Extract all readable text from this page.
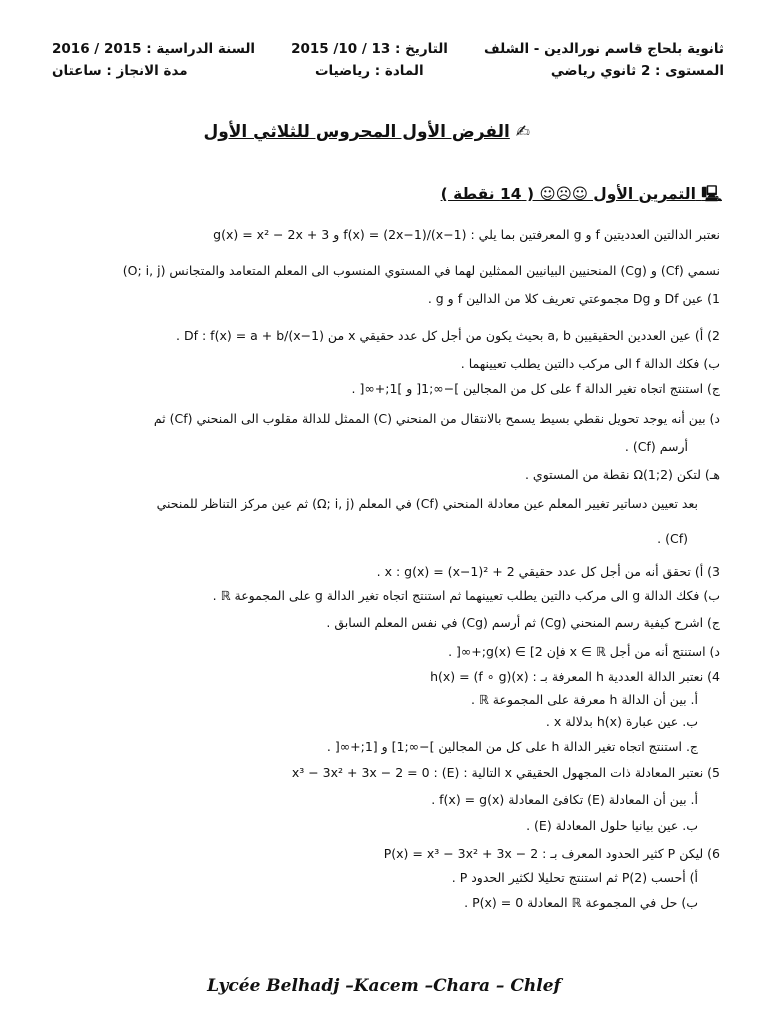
ثانوية بلحاج قاسم نورالدين - الشلف
التاريخ : 13 / 10/ 2015
السنة الدراسية : 2015 / 2016
المستوى : 2 ثانوي رياضي
المادة : رياضيات
مدة الانجاز : ساعتان
✍ الفرض الأول المحروس للثلاثي الأول
🖳 التمرين الأول ☺☹☺ ( 14 نقطة )
نعتبر الدالتين العدديتين f و g المعرفتين بما يلي : f(x) = (2x−1)/(x−1) و g(x) = x² − 2x + 3
نسمي (Cf) و (Cg) المنحنيين البيانيين الممثلين لهما في المستوي المنسوب الى المعلم المتعامد والمتجانس (O; i, j)
1) عين Df و Dg مجموعتي تعريف كلا من الدالين f و g .
2) أ) عين العددين الحقيقيين a, b بحيث يكون من أجل كل عدد حقيقي x من Df : f(x) = a + b/(x−1) .
ب) فكك الدالة f الى مركب دالتين يطلب تعيينهما .
ج) استنتج اتجاه تغير الدالة f على كل من المجالين ]−∞;1[ و ]1;+∞[ .
د) بين أنه يوجد تحويل نقطي بسيط يسمح بالانتقال من المنحني (C) الممثل للدالة مقلوب الى المنحني (Cf) ثم
أرسم (Cf) .
هـ) لتكن Ω(1;2) نقطة من المستوي .
بعد تعيين دساتير تغيير المعلم عين معادلة المنحني (Cf) في المعلم (Ω; i, j) ثم عين مركز التناظر للمنحني
(Cf) .
3) أ) تحقق أنه من أجل كل عدد حقيقي x : g(x) = (x−1)² + 2 .
ب) فكك الدالة g الى مركب دالتين يطلب تعيينهما ثم استنتج اتجاه تغير الدالة g على المجموعة ℝ .
ج) اشرح كيفية رسم المنحني (Cg) ثم أرسم (Cg) في نفس المعلم السابق .
د) استنتج أنه من أجل x ∈ ℝ فإن g(x) ∈ [2;+∞[ .
4) نعتبر الدالة العددية h المعرفة بـ : h(x) = (f ∘ g)(x)
أ. بين أن الدالة h معرفة على المجموعة ℝ .
ب. عين عبارة h(x) بدلالة x .
ج. استنتج اتجاه تغير الدالة h على كل من المجالين ]−∞;1] و [1;+∞[ .
5) نعتبر المعادلة ذات المجهول الحقيقي x التالية : (E) : x³ − 3x² + 3x − 2 = 0
أ. بين أن المعادلة (E) تكافئ المعادلة f(x) = g(x) .
ب. عين بيانيا حلول المعادلة (E) .
6) ليكن P كثير الحدود المعرف بـ : P(x) = x³ − 3x² + 3x − 2
أ) أحسب P(2) ثم استنتج تحليلا لكثير الحدود P .
ب) حل في المجموعة ℝ المعادلة P(x) = 0 .
Lycée Belhadj –Kacem –Chara – Chlef
